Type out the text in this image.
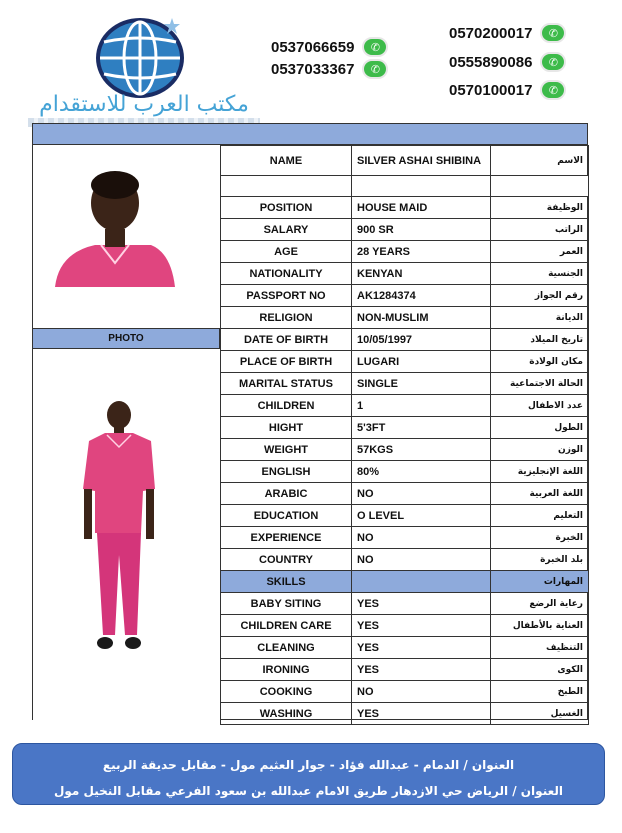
مكتب العرب للاستقدام
0537066659	✆
0537033367	✆
0570200017	✆
0555890086	✆
0570100017	✆
PHOTO
NAME	SILVER ASHAI SHIBINA	الاسم

POSITION	HOUSE MAID	الوظيفة
SALARY	900 SR	الراتب
AGE	28 YEARS	العمر
NATIONALITY	KENYAN	الجنسية
PASSPORT NO	AK1284374	رقم الجواز
RELIGION	NON-MUSLIM	الديانة
DATE OF BIRTH	10/05/1997	تاريخ الميلاد
PLACE OF BIRTH	LUGARI	مكان الولادة
MARITAL STATUS	SINGLE	الحالة الاجتماعية
CHILDREN	1	عدد الاطفال
HIGHT	5'3FT	الطول
WEIGHT	57KGS	الوزن
ENGLISH	80%	اللغة الإنجليزية
ARABIC	NO	اللغة العربية
EDUCATION	O LEVEL	التعليم
EXPERIENCE	NO	الخبرة
COUNTRY	NO	بلد الخبرة
SKILLS		المهارات
BABY SITING	YES	رعاية الرضع
CHILDREN CARE	YES	العناية بالأطفال
CLEANING	YES	التنظيف
IRONING	YES	الكوى
COOKING	NO	الطبخ
WASHING	YES	الغسيل
العنوان / الدمام - عبدالله فؤاد - جوار العثيم مول - مقابل حديقة الربيع
العنوان / الرياض حي الازدهار طريق الامام عبدالله بن سعود الفرعي مقابل النخيل مول
